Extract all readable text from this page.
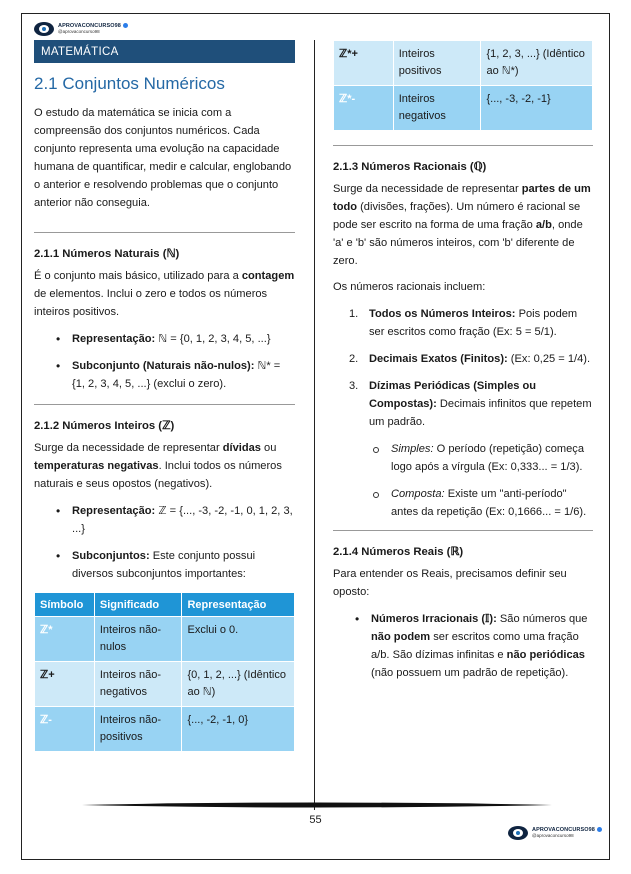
APROVACONCURSO98
@aprovaconcurso98
MATEMÁTICA
2.1 Conjuntos Numéricos

O estudo da matemática se inicia com a compreensão dos conjuntos numéricos. Cada conjunto representa uma evolução na capacidade humana de quantificar, medir e calcular, englobando o anterior e resolvendo problemas que o conjunto anterior não conseguia.

2.1.1 Números Naturais (ℕ)

É o conjunto mais básico, utilizado para a contagem de elementos. Inclui o zero e todos os números inteiros positivos.

• Representação: ℕ = {0, 1, 2, 3, 4, 5, ...}
• Subconjunto (Naturais não-nulos): ℕ* = {1, 2, 3, 4, 5, ...} (exclui o zero).
2.1.2 Números Inteiros (ℤ)

Surge da necessidade de representar dívidas ou temperaturas negativas. Inclui todos os números naturais e seus opostos (negativos).

• Representação: ℤ = {..., -3, -2, -1, 0, 1, 2, 3, ...}
• Subconjuntos: Este conjunto possui diversos subconjuntos importantes:
Símbolo	Significado	Representação
ℤ*	Inteiros não-nulos	Exclui o 0.
ℤ+	Inteiros não-negativos	{0, 1, 2, ...} (Idêntico ao ℕ)
ℤ-	Inteiros não-positivos	{..., -2, -1, 0}
ℤ*+	Inteiros positivos	{1, 2, 3, ...} (Idêntico ao ℕ*)
ℤ*-	Inteiros negativos	{..., -3, -2, -1}
2.1.3 Números Racionais (ℚ)

Surge da necessidade de representar partes de um todo (divisões, frações). Um número é racional se pode ser escrito na forma de uma fração a/b, onde 'a' e 'b' são números inteiros, com 'b' diferente de zero.

Os números racionais incluem:

1. Todos os Números Inteiros: Pois podem ser escritos como fração (Ex: 5 = 5/1).
2. Decimais Exatos (Finitos): (Ex: 0,25 = 1/4).
3. Dízimas Periódicas (Simples ou Compostas): Decimais infinitos que repetem um padrão.
Simples: O período (repetição) começa logo após a vírgula (Ex: 0,333... = 1/3).
Composta: Existe um "anti-período" antes da repetição (Ex: 0,1666... = 1/6).
2.1.4 Números Reais (ℝ)

Para entender os Reais, precisamos definir seu oposto:

• Números Irracionais (𝕀): São números que não podem ser escritos como uma fração a/b. São dízimas infinitas e não periódicas (não possuem um padrão de repetição).
55
APROVACONCURSO98
@aprovaconcurso98
